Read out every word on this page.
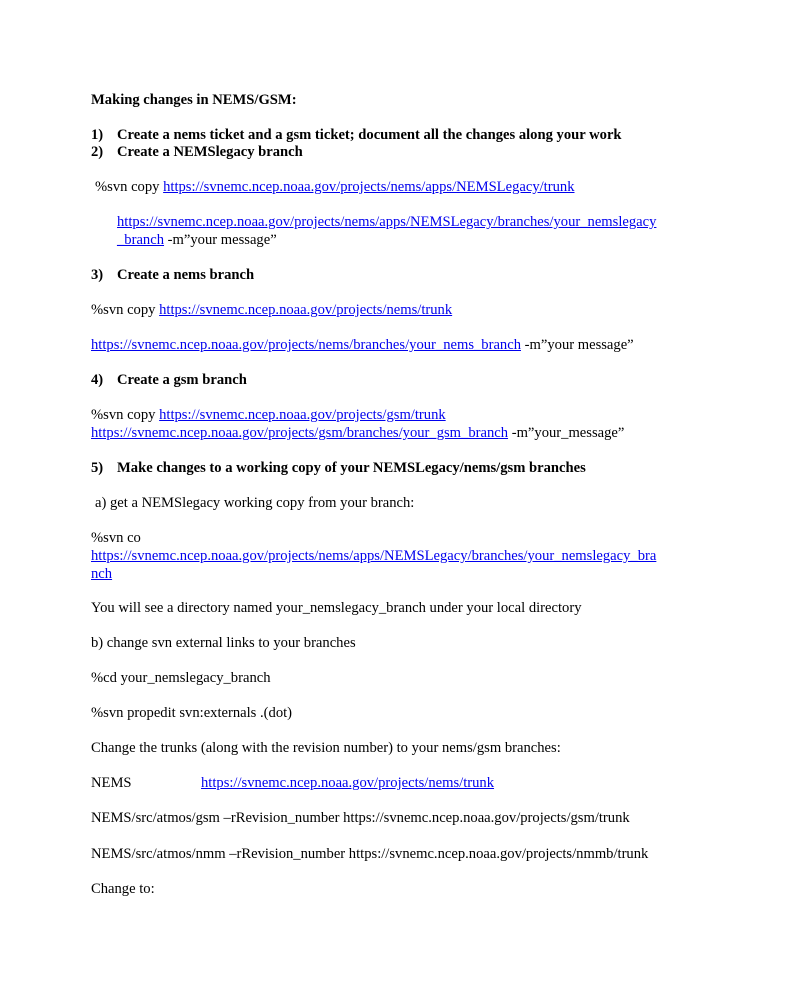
Making changes in NEMS/GSM:
1) Create a nems ticket and a gsm ticket; document all the changes along your work
2) Create a NEMSlegacy branch
%svn copy https://svnemc.ncep.noaa.gov/projects/nems/apps/NEMSLegacy/trunk
https://svnemc.ncep.noaa.gov/projects/nems/apps/NEMSLegacy/branches/your_nemslegacy
_branch -m”your message”
3) Create a nems branch
%svn copy https://svnemc.ncep.noaa.gov/projects/nems/trunk
https://svnemc.ncep.noaa.gov/projects/nems/branches/your_nems_branch -m”your message”
4) Create a gsm branch
%svn copy https://svnemc.ncep.noaa.gov/projects/gsm/trunk
https://svnemc.ncep.noaa.gov/projects/gsm/branches/your_gsm_branch -m”your_message”
5) Make changes to a working copy of your NEMSLegacy/nems/gsm branches
a) get a NEMSlegacy working copy from your branch:
%svn co
https://svnemc.ncep.noaa.gov/projects/nems/apps/NEMSLegacy/branches/your_nemslegacy_bra
nch
You will see a directory named your_nemslegacy_branch under your local directory
b) change svn external links to your branches
%cd your_nemslegacy_branch
%svn propedit svn:externals .(dot)
Change the trunks (along with the revision number) to your nems/gsm branches:
NEMS	https://svnemc.ncep.noaa.gov/projects/nems/trunk
NEMS/src/atmos/gsm –rRevision_number https://svnemc.ncep.noaa.gov/projects/gsm/trunk
NEMS/src/atmos/nmm –rRevision_number https://svnemc.ncep.noaa.gov/projects/nmmb/trunk
Change to:
